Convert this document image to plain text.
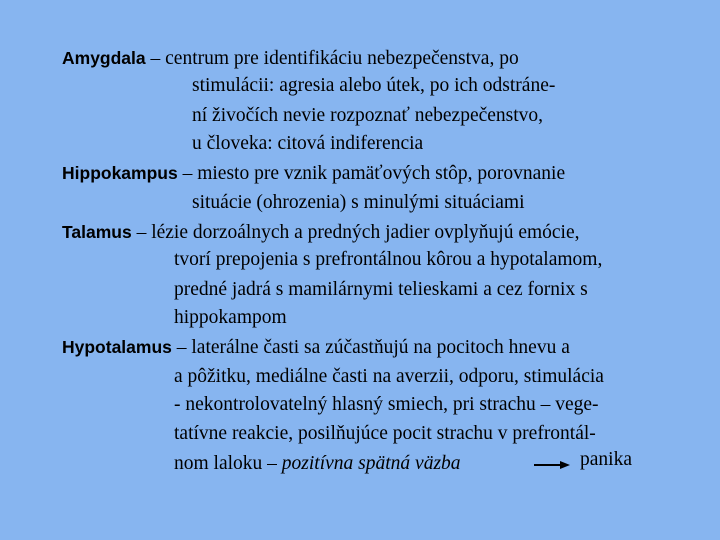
Amygdala – centrum pre identifikáciu nebezpečenstva, po
stimulácii: agresia alebo útek, po ich odstráne-
ní živočích nevie rozpoznať nebezpečenstvo,
u človeka: citová indiferencia
Hippokampus – miesto pre vznik pamäťových stôp, porovnanie
situácie (ohrozenia) s minulými situáciami
Talamus – lézie dorzoálnych a predných jadier ovplyňujú emócie,
tvorí prepojenia s prefrontálnou kôrou a hypotalamom,
predné jadrá s mamilárnymi telieskami a cez fornix s
hippokampom
Hypotalamus – laterálne časti sa zúčastňujú na pocitoch hnevu a
a pôžitku, mediálne časti na averzii, odporu, stimulácia
- nekontrolovatelný hlasný smiech, pri strachu – vege-
tatívne reakcie, posilňujúce pocit strachu v prefrontál-
nom laloku – pozitívna spätná väzba	panika
